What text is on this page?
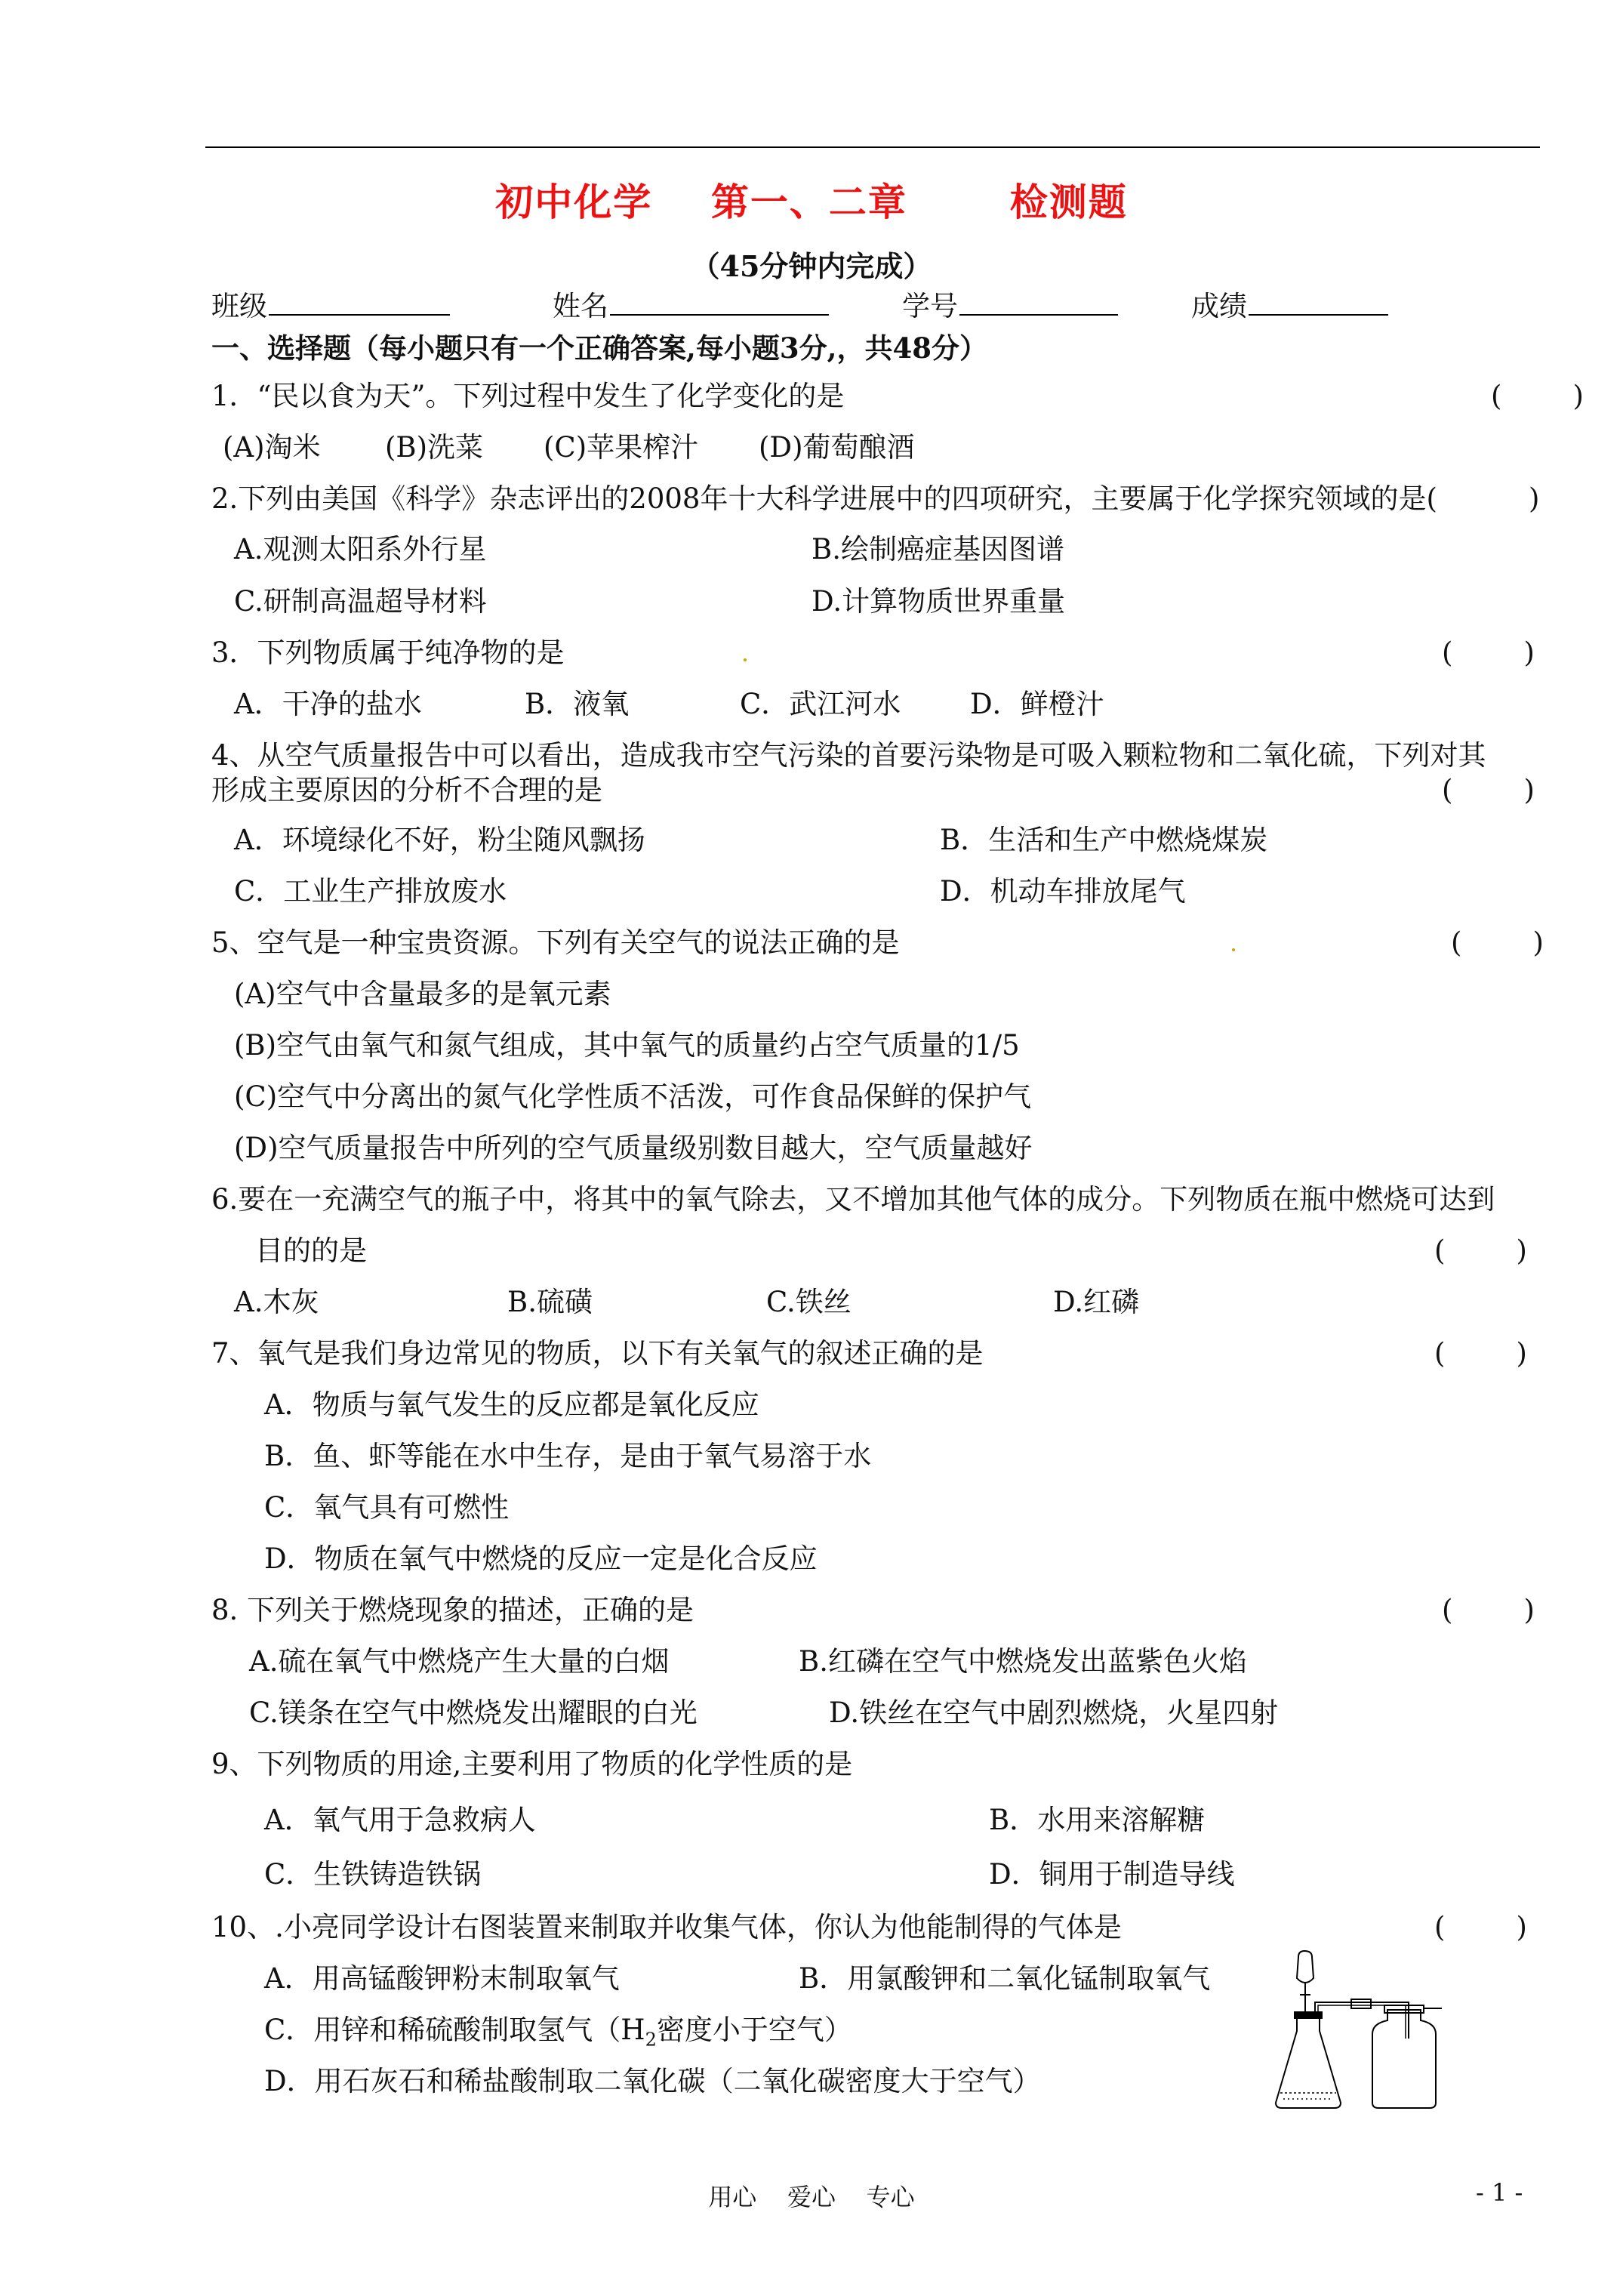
初中化学    第一、二章       检测题
（45分钟内完成）
班级	姓名	学号	成绩
一、选择题（每小题只有一个正确答案,每小题3分,，共48分）
1．“民以食为天”。下列过程中发生了化学变化的是	(        )
(A)淘米 (B)洗菜 (C)苹果榨汁 (D)葡萄酿酒
2.下列由美国《科学》杂志评出的2008年十大科学进展中的四项研究，主要属于化学探究领域的是(	)
A.观测太阳系外行星	B.绘制癌症基因图谱
C.研制高温超导材料	D.计算物质世界重量
3．下列物质属于纯净物的是	(        )
A．干净的盐水	B．液氧	C．武江河水 D．鲜橙汁
4、从空气质量报告中可以看出，造成我市空气污染的首要污染物是可吸入颗粒物和二氧化硫，下列对其
形成主要原因的分析不合理的是	(        )
A．环境绿化不好，粉尘随风飘扬	B．生活和生产中燃烧煤炭
C．工业生产排放废水	D．机动车排放尾气
5、空气是一种宝贵资源。下列有关空气的说法正确的是	(        )
(A)空气中含量最多的是氧元素
(B)空气由氧气和氮气组成，其中氧气的质量约占空气质量的1/5
(C)空气中分离出的氮气化学性质不活泼，可作食品保鲜的保护气
(D)空气质量报告中所列的空气质量级别数目越大，空气质量越好
6.要在一充满空气的瓶子中，将其中的氧气除去，又不增加其他气体的成分。下列物质在瓶中燃烧可达到
目的的是	(        )
A.木灰	B.硫磺	C.铁丝	D.红磷
7、氧气是我们身边常见的物质，以下有关氧气的叙述正确的是	(        )
A．物质与氧气发生的反应都是氧化反应
B．鱼、虾等能在水中生存，是由于氧气易溶于水
C．氧气具有可燃性
D．物质在氧气中燃烧的反应一定是化合反应
8. 下列关于燃烧现象的描述，正确的是	(        )
A.硫在氧气中燃烧产生大量的白烟	B.红磷在空气中燃烧发出蓝紫色火焰
C.镁条在空气中燃烧发出耀眼的白光	D.铁丝在空气中剧烈燃烧，火星四射
9、下列物质的用途,主要利用了物质的化学性质的是
A．氧气用于急救病人	B．水用来溶解糖
C．生铁铸造铁锅	D．铜用于制造导线
10、.小亮同学设计右图装置来制取并收集气体，你认为他能制得的气体是	(        )
A．用高锰酸钾粉末制取氧气	B．用氯酸钾和二氧化锰制取氧气
C．用锌和稀硫酸制取氢气（$H_2$密度小于空气）
D．用石灰石和稀盐酸制取二氧化碳（二氧化碳密度大于空气）
用心    爱心    专心	- 1 -
